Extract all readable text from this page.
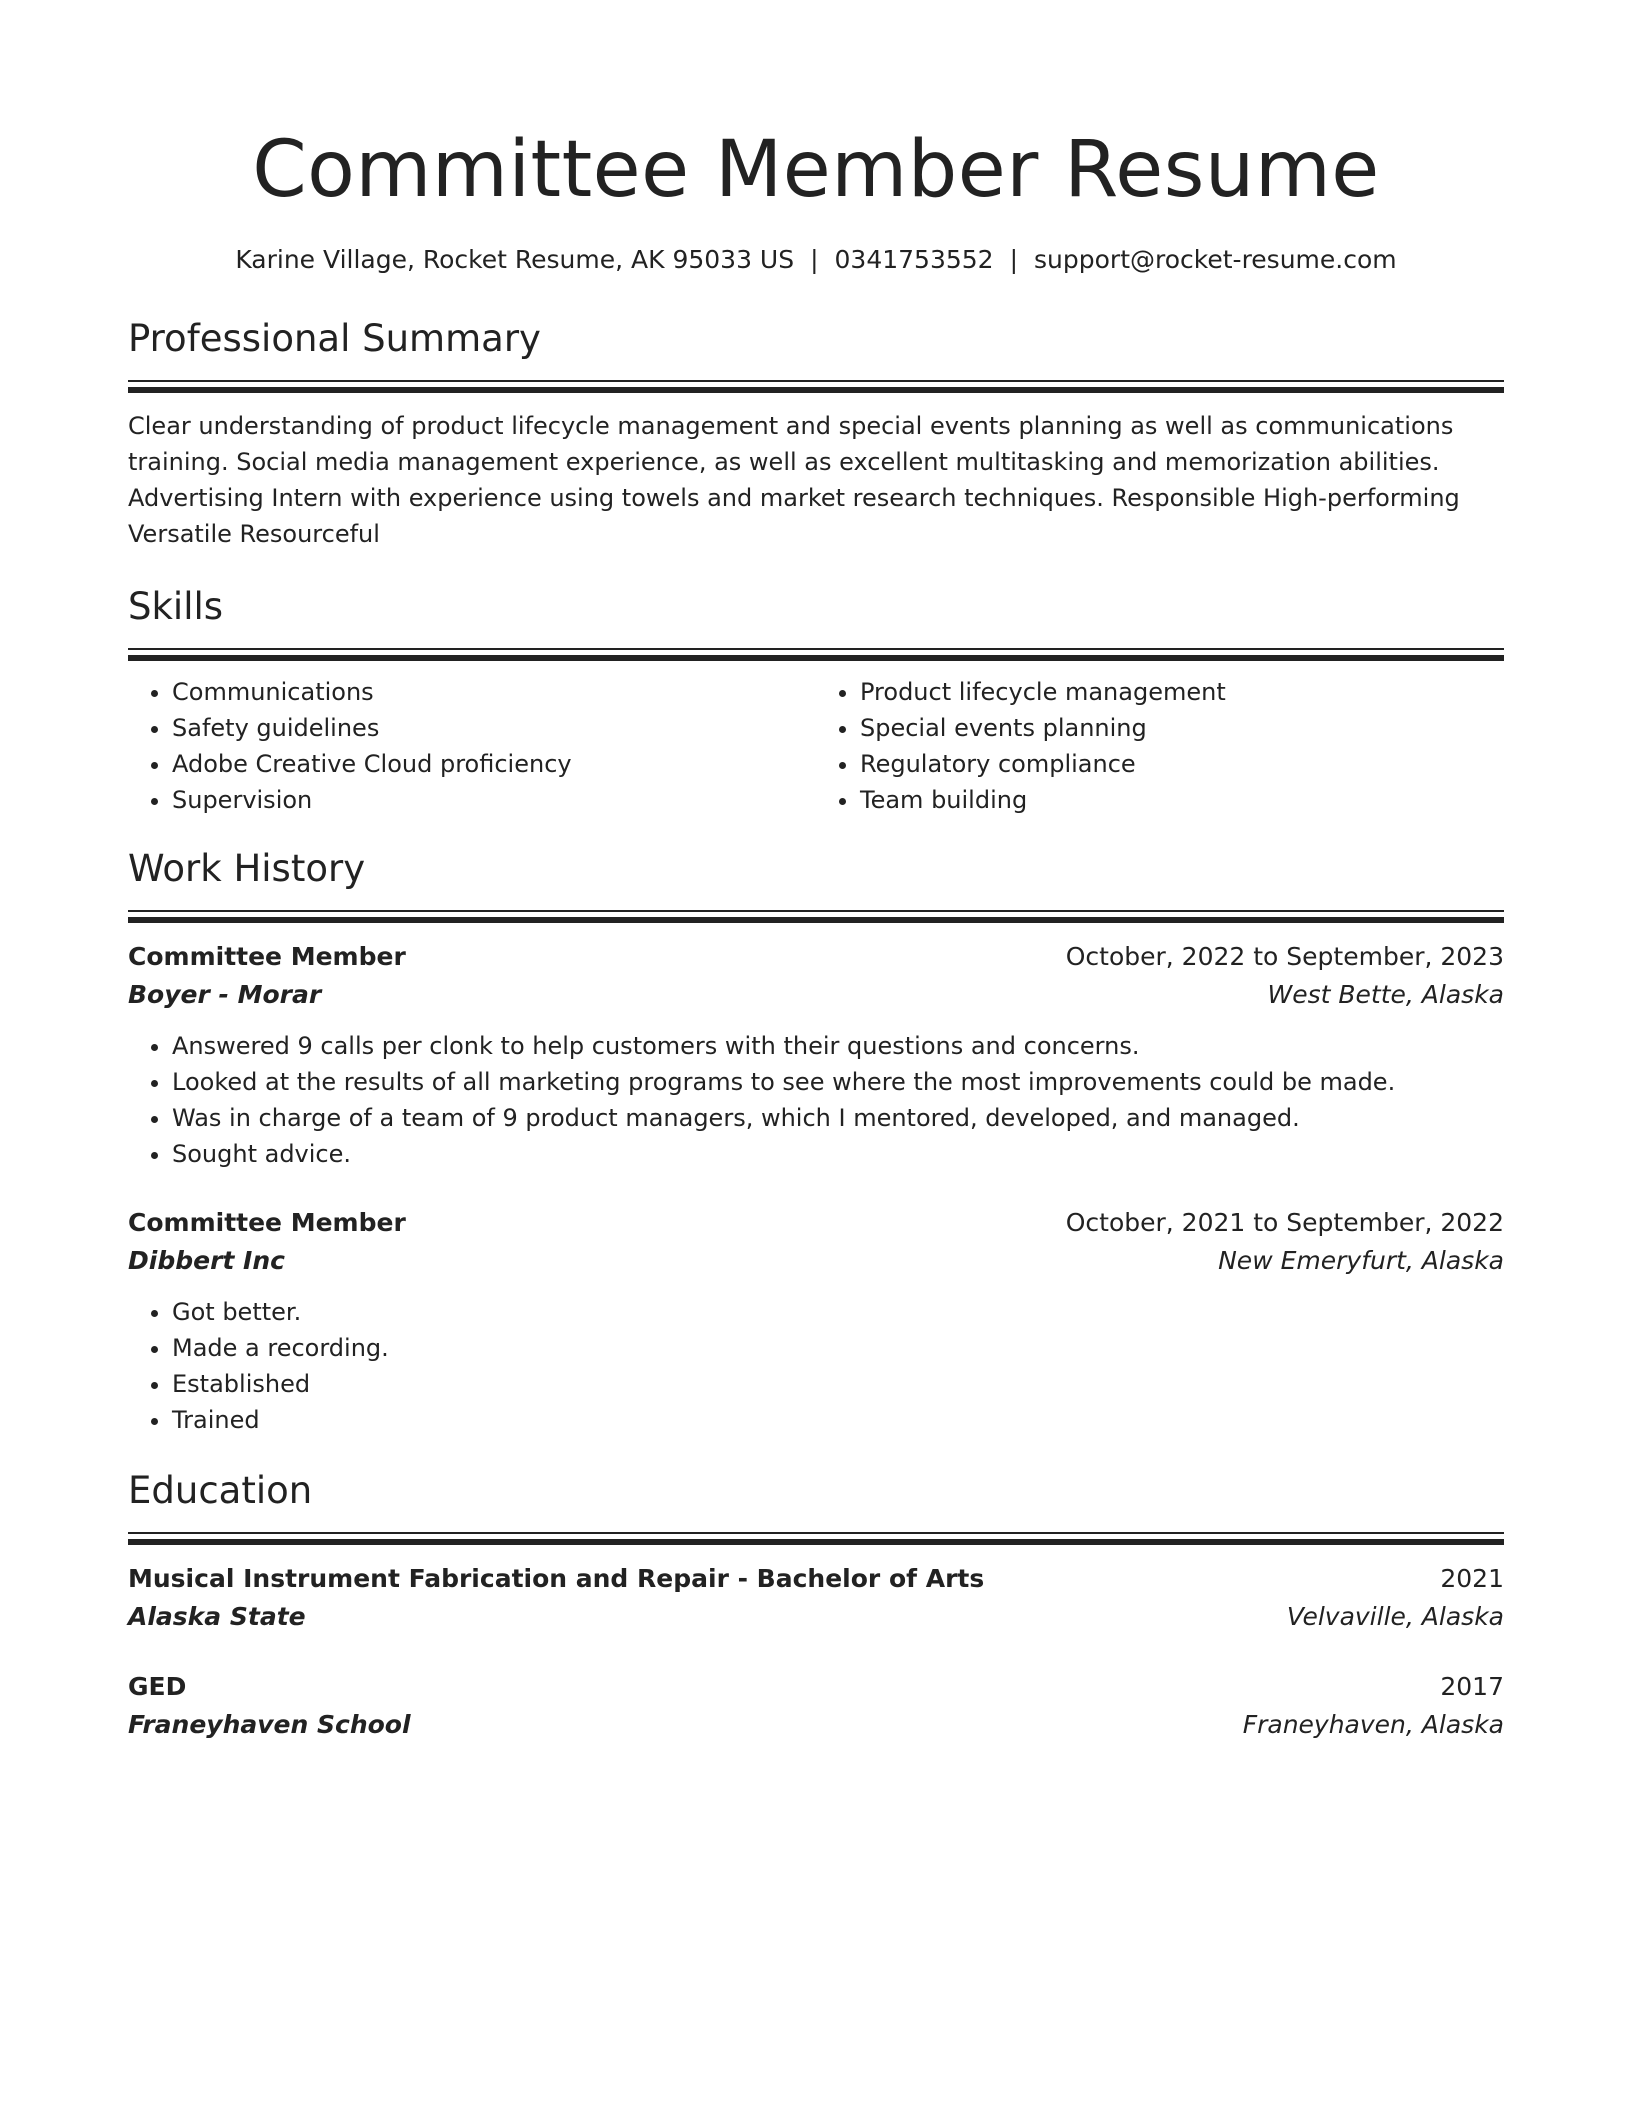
Committee Member Resume
Karine Village, Rocket Resume, AK 95033 US | 0341753552 | support@rocket-resume.com
Professional Summary
Clear understanding of product lifecycle management and special events planning as well as communications training. Social media management experience, as well as excellent multitasking and memorization abilities. Advertising Intern with experience using towels and market research techniques. Responsible High-performing Versatile Resourceful
Skills
• Communications
• Safety guidelines
• Adobe Creative Cloud proficiency
• Supervision
• Product lifecycle management
• Special events planning
• Regulatory compliance
• Team building
Work History
Committee Member	October, 2022 to September, 2023
Boyer - Morar	West Bette, Alaska
• Answered 9 calls per clonk to help customers with their questions and concerns.
• Looked at the results of all marketing programs to see where the most improvements could be made.
• Was in charge of a team of 9 product managers, which I mentored, developed, and managed.
• Sought advice.
Committee Member	October, 2021 to September, 2022
Dibbert Inc	New Emeryfurt, Alaska
• Got better.
• Made a recording.
• Established
• Trained
Education
Musical Instrument Fabrication and Repair - Bachelor of Arts	2021
Alaska State	Velvaville, Alaska
GED	2017
Franeyhaven School	Franeyhaven, Alaska
